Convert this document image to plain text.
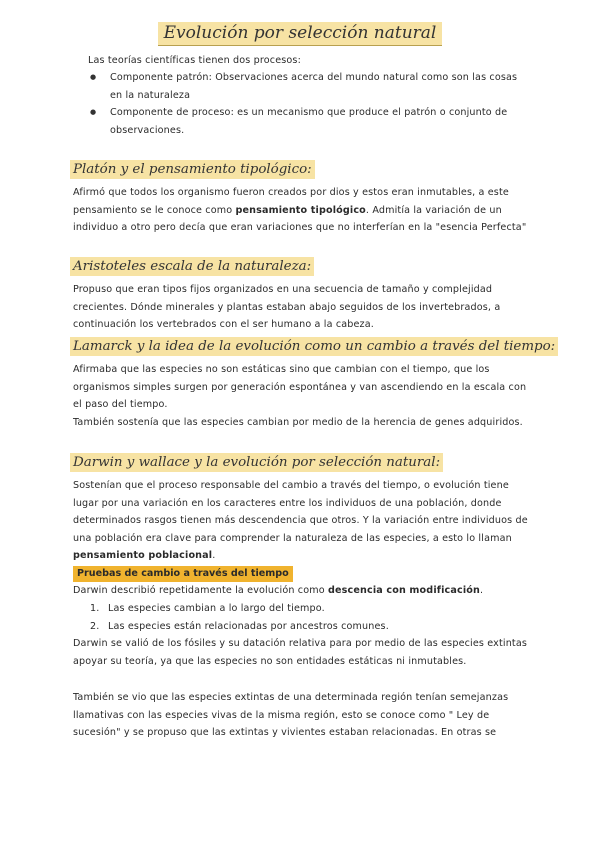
Evolución por selección natural
Las teorías científicas tienen dos procesos:
● Componente patrón: Observaciones acerca del mundo natural como son las cosas en la naturaleza
● Componente de proceso: es un mecanismo que produce el patrón o conjunto de observaciones.
Platón y el pensamiento tipológico:
Afirmó que todos los organismo fueron creados por dios y estos eran inmutables, a este pensamiento se le conoce como pensamiento tipológico. Admitía la variación de un individuo a otro pero decía que eran variaciones que no interferían en la "esencia Perfecta"
Aristoteles escala de la naturaleza:
Propuso que eran tipos fijos organizados en una secuencia de tamaño y complejidad crecientes. Dónde minerales y plantas estaban abajo seguidos de los invertebrados, a continuación los vertebrados con el ser humano a la cabeza.
Lamarck y la idea de la evolución como un cambio a través del tiempo:
Afirmaba que las especies no son estáticas sino que cambian con el tiempo, que los organismos simples surgen por generación espontánea y van ascendiendo en la escala con el paso del tiempo.
También sostenía que las especies cambian por medio de la herencia de genes adquiridos.
Darwin y wallace y la evolución por selección natural:
Sostenían que el proceso responsable del cambio a través del tiempo, o evolución tiene lugar por una variación en los caracteres entre los individuos de una población, donde determinados rasgos tienen más descendencia que otros. Y la variación entre individuos de una población era clave para comprender la naturaleza de las especies, a esto lo llaman pensamiento poblacional.
Pruebas de cambio a través del tiempo
Darwin describió repetidamente la evolución como descencia con modificación.
1. Las especies cambian a lo largo del tiempo.
2. Las especies están relacionadas por ancestros comunes.
Darwin se valió de los fósiles y su datación relativa para por medio de las especies extintas apoyar su teoría, ya que las especies no son entidades estáticas ni inmutables.
También se vio que las especies extintas de una determinada región tenían semejanzas llamativas con las especies vivas de la misma región, esto se conoce como " Ley de sucesión" y se propuso que las extintas y vivientes estaban relacionadas. En otras se
